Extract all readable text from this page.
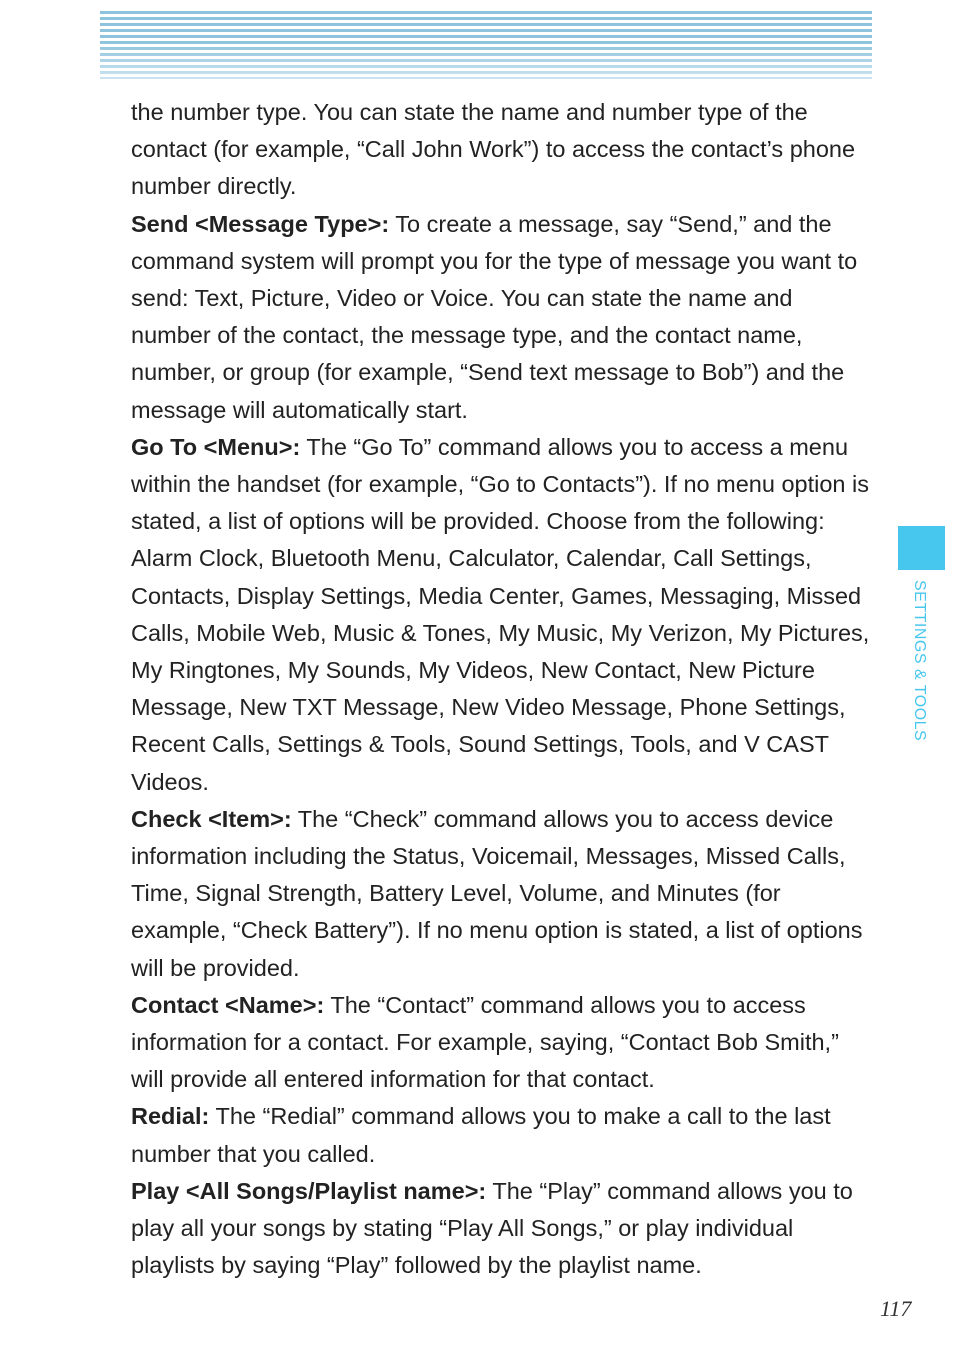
the number type. You can state the name and number type of the contact (for example, “Call John Work”) to access the contact’s phone number directly.

Send <Message Type>: To create a message, say “Send,” and the command system will prompt you for the type of message you want to send: Text, Picture, Video or Voice. You can state the name and number of the contact, the message type, and the contact name, number, or group (for example, “Send text message to Bob”) and the message will automatically start.

Go To <Menu>: The “Go To” command allows you to access a menu within the handset (for example, “Go to Contacts”). If no menu option is stated, a list of options will be provided. Choose from the following: Alarm Clock, Bluetooth Menu, Calculator, Calendar, Call Settings, Contacts, Display Settings, Media Center, Games, Messaging, Missed Calls, Mobile Web, Music & Tones, My Music, My Verizon, My Pictures, My Ringtones, My Sounds, My Videos, New Contact, New Picture Message, New TXT Message, New Video Message, Phone Settings, Recent Calls, Settings & Tools, Sound Settings, Tools, and V CAST Videos.

Check <Item>: The “Check” command allows you to access device information including the Status, Voicemail, Messages, Missed Calls, Time, Signal Strength, Battery Level, Volume, and Minutes (for example, “Check Battery”). If no menu option is stated, a list of options will be provided.

Contact <Name>: The “Contact” command allows you to access information for a contact. For example, saying, “Contact Bob Smith,” will provide all entered information for that contact.

Redial: The “Redial” command allows you to make a call to the last number that you called.

Play <All Songs/Playlist name>: The “Play” command allows you to play all your songs by stating “Play All Songs,” or play individual playlists by saying “Play” followed by the playlist name.

SETTINGS & TOOLS
117
